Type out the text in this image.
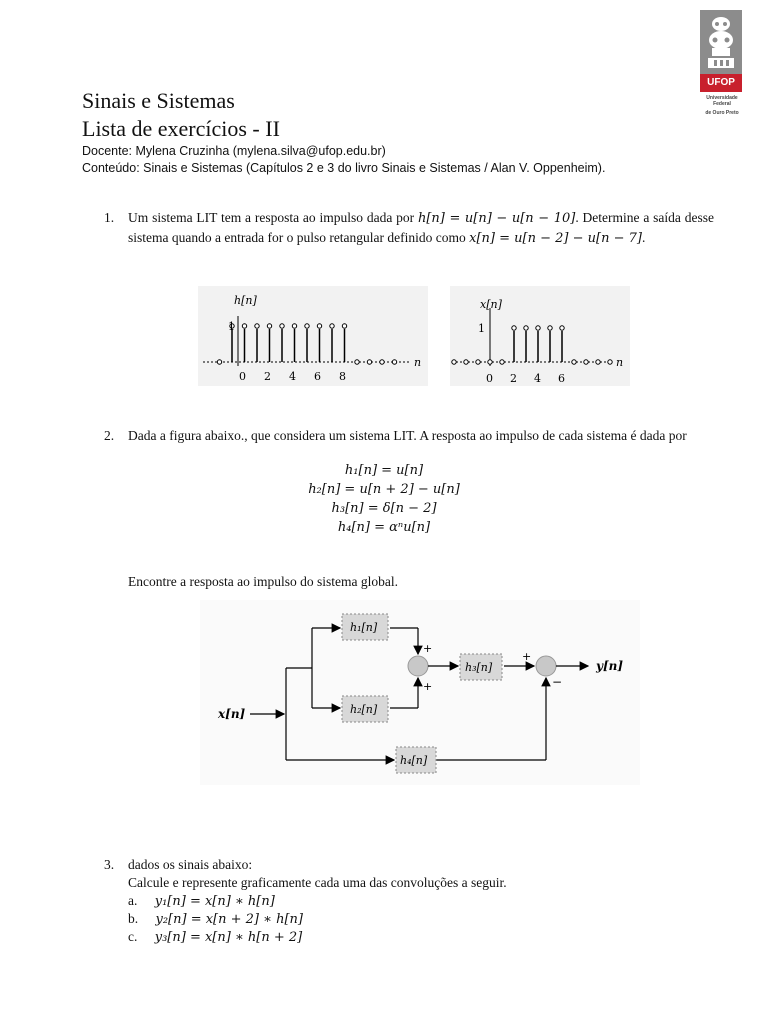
UFOP
Universidade Federal
de Ouro Preto
Sinais e Sistemas
Lista de exercícios - II
Docente: Mylena Cruzinha (mylena.silva@ufop.edu.br)
Conteúdo: Sinais e Sistemas (Capítulos 2 e 3 do livro Sinais e Sistemas / Alan V. Oppenheim).
1. Um sistema LIT tem a resposta ao impulso dada por h[n] = u[n] − u[n − 10]. Determine a saída desse sistema quando a entrada for o pulso retangular definido como x[n] = u[n − 2] − u[n − 7].
h[n]
1
n
0 2 4 6 8
x[n]
1
n
0 2 4 6
2. Dada a figura abaixo., que considera um sistema LIT. A resposta ao impulso de cada sistema é dada por
h₁[n] = u[n]
h₂[n] = u[n + 2] − u[n]
h₃[n] = δ[n − 2]
h₄[n] = αⁿu[n]
Encontre a resposta ao impulso do sistema global.
h₁[n]
h₂[n]
h₃[n]
h₄[n]
x[n]
y[n]
+
+
+
−
3. dados os sinais abaixo:
Calcule e represente graficamente cada uma das convoluções a seguir.
a. y₁[n] = x[n] ∗ h[n]
b. y₂[n] = x[n + 2] ∗ h[n]
c. y₃[n] = x[n] ∗ h[n + 2]
